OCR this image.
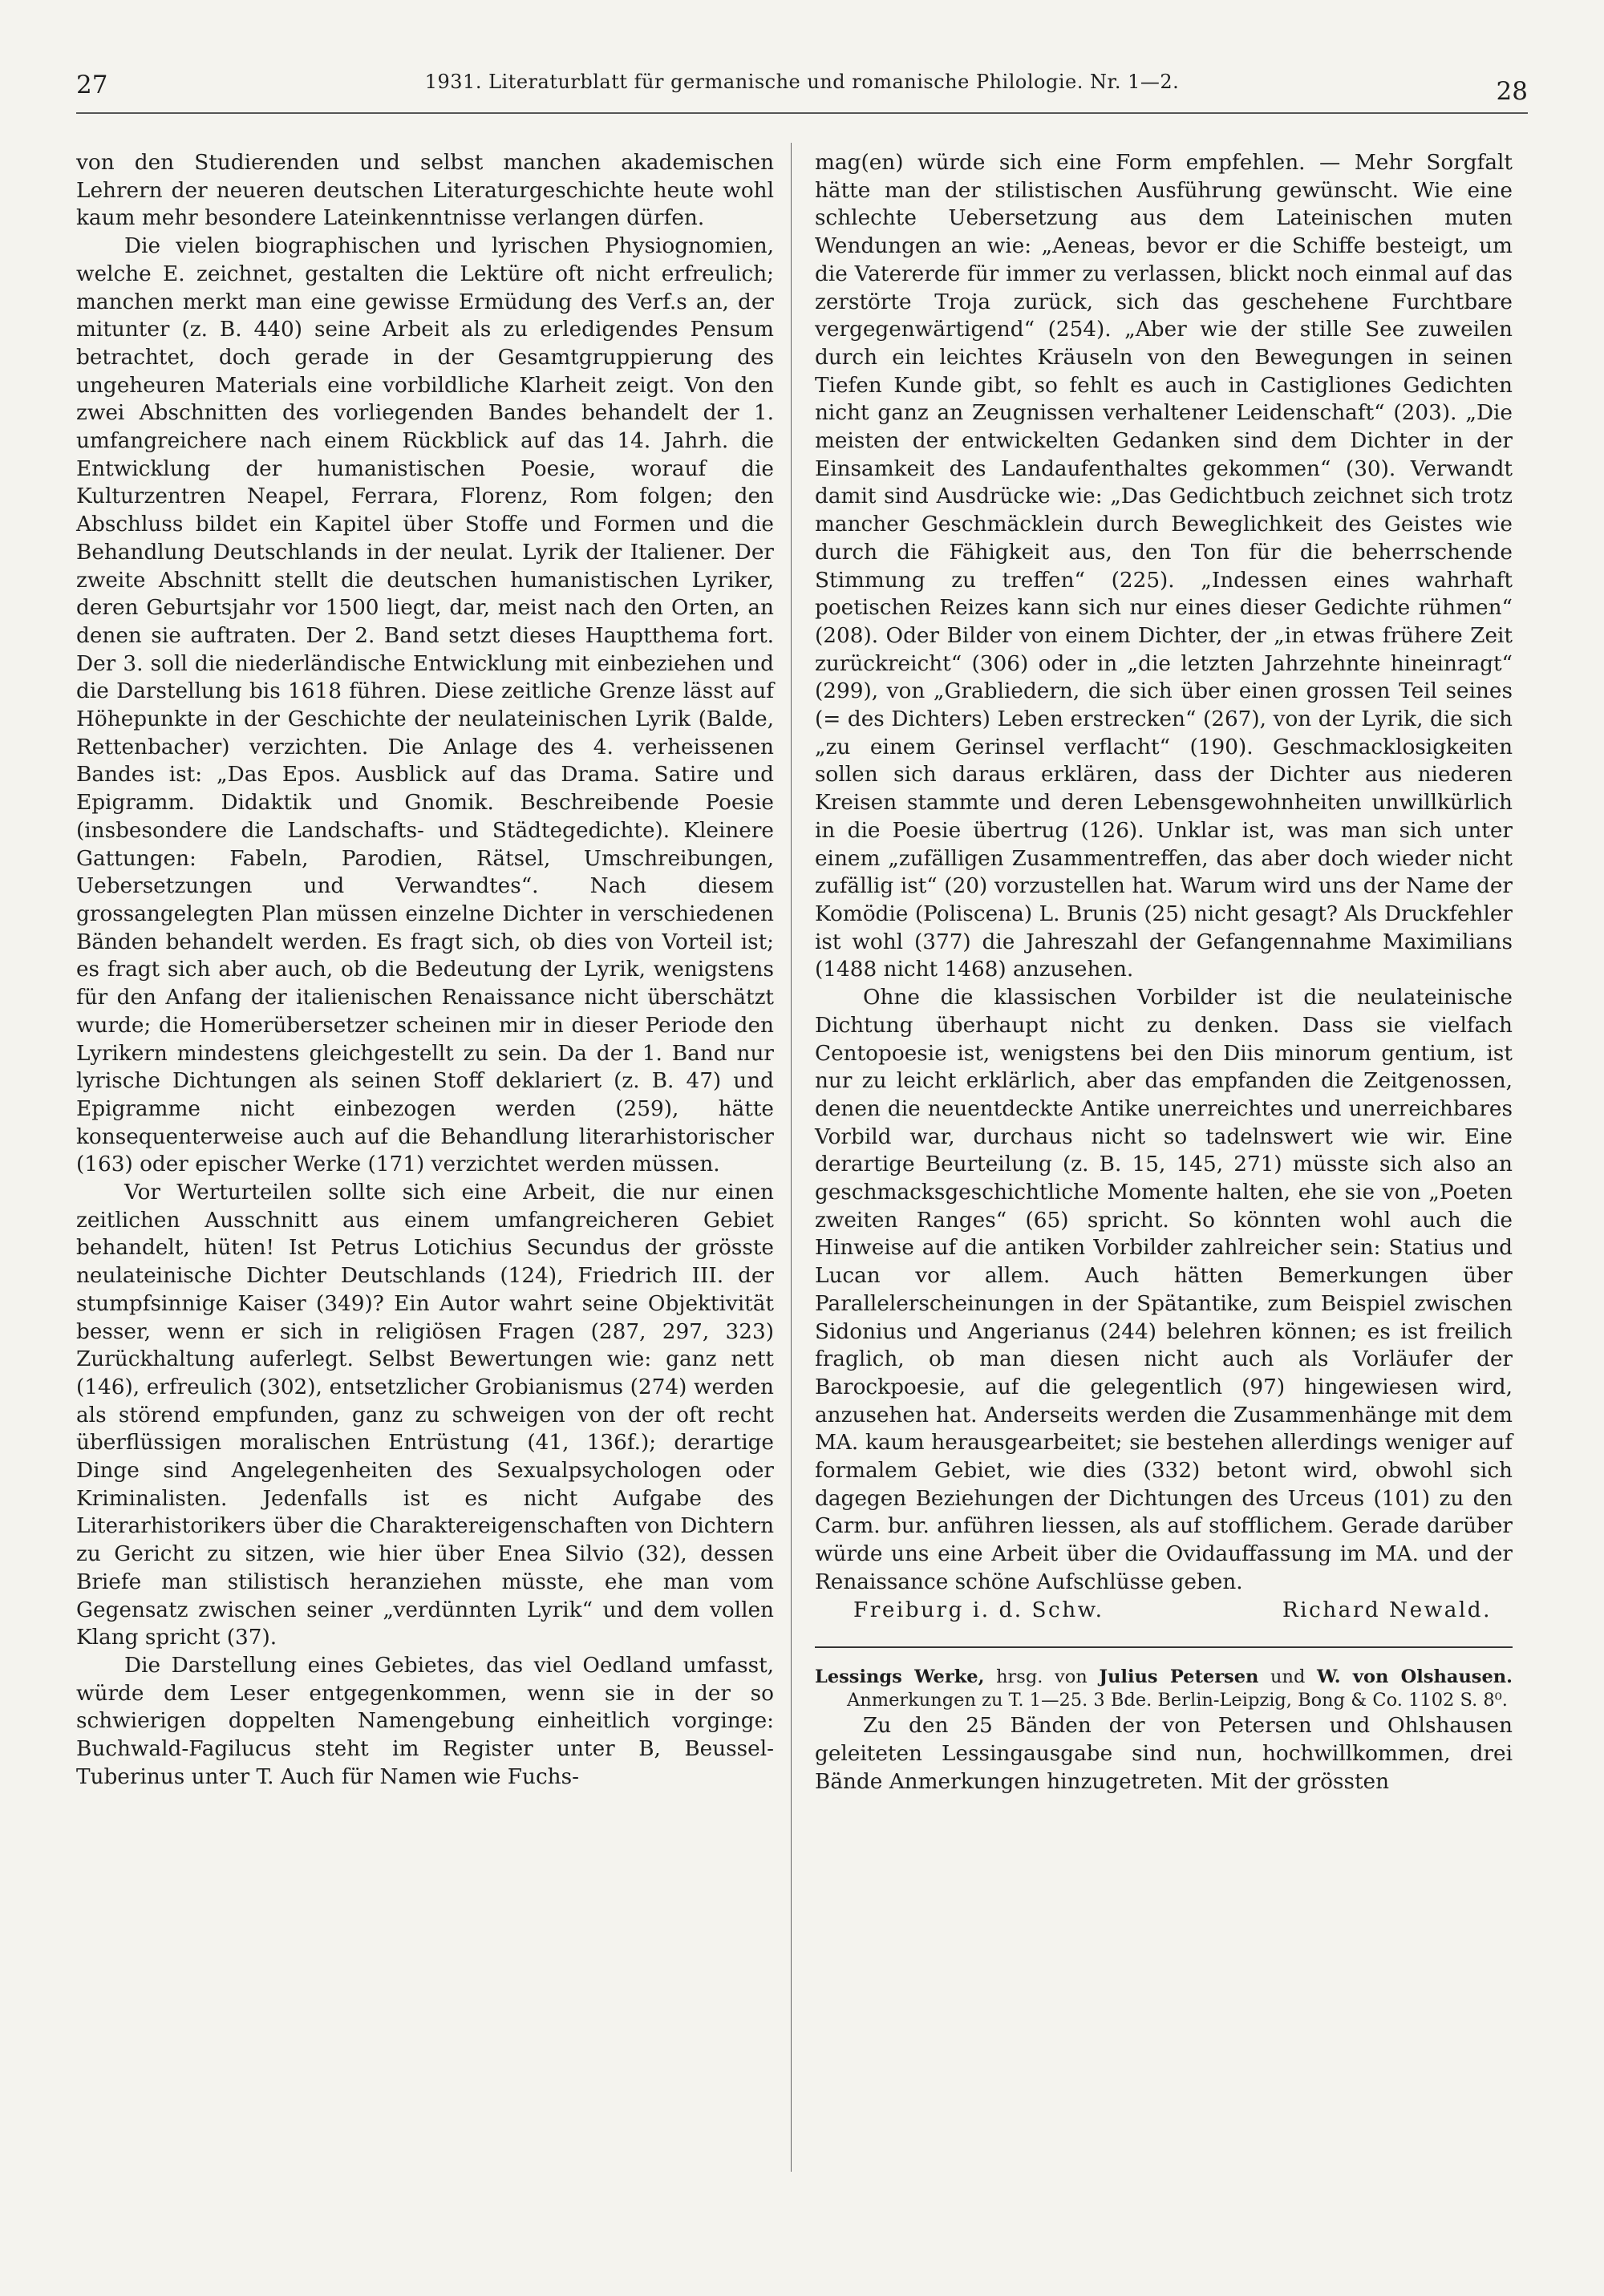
27	1931. Literaturblatt für germanische und romanische Philologie. Nr. 1—2.	28

von den Studierenden und selbst manchen akademischen Lehrern der neueren deutschen Literaturgeschichte heute wohl kaum mehr besondere Lateinkenntnisse verlangen dürfen.

Die vielen biographischen und lyrischen Physiognomien, welche E. zeichnet, gestalten die Lektüre oft nicht erfreulich; manchen merkt man eine gewisse Ermüdung des Verf.s an, der mitunter (z. B. 440) seine Arbeit als zu erledigendes Pensum betrachtet, doch gerade in der Gesamtgruppierung des ungeheuren Materials eine vorbildliche Klarheit zeigt. Von den zwei Abschnitten des vorliegenden Bandes behandelt der 1. umfangreichere nach einem Rückblick auf das 14. Jahrh. die Entwicklung der humanistischen Poesie, worauf die Kulturzentren Neapel, Ferrara, Florenz, Rom folgen; den Abschluss bildet ein Kapitel über Stoffe und Formen und die Behandlung Deutschlands in der neulat. Lyrik der Italiener. Der zweite Abschnitt stellt die deutschen humanistischen Lyriker, deren Geburtsjahr vor 1500 liegt, dar, meist nach den Orten, an denen sie auftraten. Der 2. Band setzt dieses Hauptthema fort. Der 3. soll die niederländische Entwicklung mit einbeziehen und die Darstellung bis 1618 führen. Diese zeitliche Grenze lässt auf Höhepunkte in der Geschichte der neulateinischen Lyrik (Balde, Rettenbacher) verzichten. Die Anlage des 4. verheissenen Bandes ist: „Das Epos. Ausblick auf das Drama. Satire und Epigramm. Didaktik und Gnomik. Beschreibende Poesie (insbesondere die Landschafts- und Städtegedichte). Kleinere Gattungen: Fabeln, Parodien, Rätsel, Umschreibungen, Uebersetzungen und Verwandtes“. Nach diesem grossangelegten Plan müssen einzelne Dichter in verschiedenen Bänden behandelt werden. Es fragt sich, ob dies von Vorteil ist; es fragt sich aber auch, ob die Bedeutung der Lyrik, wenigstens für den Anfang der italienischen Renaissance nicht überschätzt wurde; die Homerübersetzer scheinen mir in dieser Periode den Lyrikern mindestens gleichgestellt zu sein. Da der 1. Band nur lyrische Dichtungen als seinen Stoff deklariert (z. B. 47) und Epigramme nicht einbezogen werden (259), hätte konsequenterweise auch auf die Behandlung literarhistorischer (163) oder epischer Werke (171) verzichtet werden müssen.

Vor Werturteilen sollte sich eine Arbeit, die nur einen zeitlichen Ausschnitt aus einem umfangreicheren Gebiet behandelt, hüten! Ist Petrus Lotichius Secundus der grösste neulateinische Dichter Deutschlands (124), Friedrich III. der stumpfsinnige Kaiser (349)? Ein Autor wahrt seine Objektivität besser, wenn er sich in religiösen Fragen (287, 297, 323) Zurückhaltung auferlegt. Selbst Bewertungen wie: ganz nett (146), erfreulich (302), entsetzlicher Grobianismus (274) werden als störend empfunden, ganz zu schweigen von der oft recht überflüssigen moralischen Entrüstung (41, 136f.); derartige Dinge sind Angelegenheiten des Sexualpsychologen oder Kriminalisten. Jedenfalls ist es nicht Aufgabe des Literarhistorikers über die Charaktereigenschaften von Dichtern zu Gericht zu sitzen, wie hier über Enea Silvio (32), dessen Briefe man stilistisch heranziehen müsste, ehe man vom Gegensatz zwischen seiner „verdünnten Lyrik“ und dem vollen Klang spricht (37).

Die Darstellung eines Gebietes, das viel Oedland umfasst, würde dem Leser entgegenkommen, wenn sie in der so schwierigen doppelten Namengebung einheitlich vorginge: Buchwald-Fagilucus steht im Register unter B, Beussel-Tuberinus unter T. Auch für Namen wie Fuchs-

mag(en) würde sich eine Form empfehlen. — Mehr Sorgfalt hätte man der stilistischen Ausführung gewünscht. Wie eine schlechte Uebersetzung aus dem Lateinischen muten Wendungen an wie: „Aeneas, bevor er die Schiffe besteigt, um die Vatererde für immer zu verlassen, blickt noch einmal auf das zerstörte Troja zurück, sich das geschehene Furchtbare vergegenwärtigend“ (254). „Aber wie der stille See zuweilen durch ein leichtes Kräuseln von den Bewegungen in seinen Tiefen Kunde gibt, so fehlt es auch in Castigliones Gedichten nicht ganz an Zeugnissen verhaltener Leidenschaft“ (203). „Die meisten der entwickelten Gedanken sind dem Dichter in der Einsamkeit des Landaufenthaltes gekommen“ (30). Verwandt damit sind Ausdrücke wie: „Das Gedichtbuch zeichnet sich trotz mancher Geschmäcklein durch Beweglichkeit des Geistes wie durch die Fähigkeit aus, den Ton für die beherrschende Stimmung zu treffen“ (225). „Indessen eines wahrhaft poetischen Reizes kann sich nur eines dieser Gedichte rühmen“ (208). Oder Bilder von einem Dichter, der „in etwas frühere Zeit zurückreicht“ (306) oder in „die letzten Jahrzehnte hineinragt“ (299), von „Grabliedern, die sich über einen grossen Teil seines (= des Dichters) Leben erstrecken“ (267), von der Lyrik, die sich „zu einem Gerinsel verflacht“ (190). Geschmacklosigkeiten sollen sich daraus erklären, dass der Dichter aus niederen Kreisen stammte und deren Lebensgewohnheiten unwillkürlich in die Poesie übertrug (126). Unklar ist, was man sich unter einem „zufälligen Zusammentreffen, das aber doch wieder nicht zufällig ist“ (20) vorzustellen hat. Warum wird uns der Name der Komödie (Poliscena) L. Brunis (25) nicht gesagt? Als Druckfehler ist wohl (377) die Jahreszahl der Gefangennahme Maximilians (1488 nicht 1468) anzusehen.

Ohne die klassischen Vorbilder ist die neulateinische Dichtung überhaupt nicht zu denken. Dass sie vielfach Centopoesie ist, wenigstens bei den Diis minorum gentium, ist nur zu leicht erklärlich, aber das empfanden die Zeitgenossen, denen die neuentdeckte Antike unerreichtes und unerreichbares Vorbild war, durchaus nicht so tadelnswert wie wir. Eine derartige Beurteilung (z. B. 15, 145, 271) müsste sich also an geschmacksgeschichtliche Momente halten, ehe sie von „Poeten zweiten Ranges“ (65) spricht. So könnten wohl auch die Hinweise auf die antiken Vorbilder zahlreicher sein: Statius und Lucan vor allem. Auch hätten Bemerkungen über Parallelerscheinungen in der Spätantike, zum Beispiel zwischen Sidonius und Angerianus (244) belehren können; es ist freilich fraglich, ob man diesen nicht auch als Vorläufer der Barockpoesie, auf die gelegentlich (97) hingewiesen wird, anzusehen hat. Anderseits werden die Zusammenhänge mit dem MA. kaum herausgearbeitet; sie bestehen allerdings weniger auf formalem Gebiet, wie dies (332) betont wird, obwohl sich dagegen Beziehungen der Dichtungen des Urceus (101) zu den Carm. bur. anführen liessen, als auf stofflichem. Gerade darüber würde uns eine Arbeit über die Ovidauffassung im MA. und der Renaissance schöne Aufschlüsse geben.

Freiburg i. d. Schw.	Richard Newald.

Lessings Werke, hrsg. von Julius Petersen und W. von Olshausen. Anmerkungen zu T. 1—25. 3 Bde. Berlin-Leipzig, Bong & Co. 1102 S. 8⁰.

Zu den 25 Bänden der von Petersen und Ohlshausen geleiteten Lessingausgabe sind nun, hochwillkommen, drei Bände Anmerkungen hinzugetreten. Mit der grössten
